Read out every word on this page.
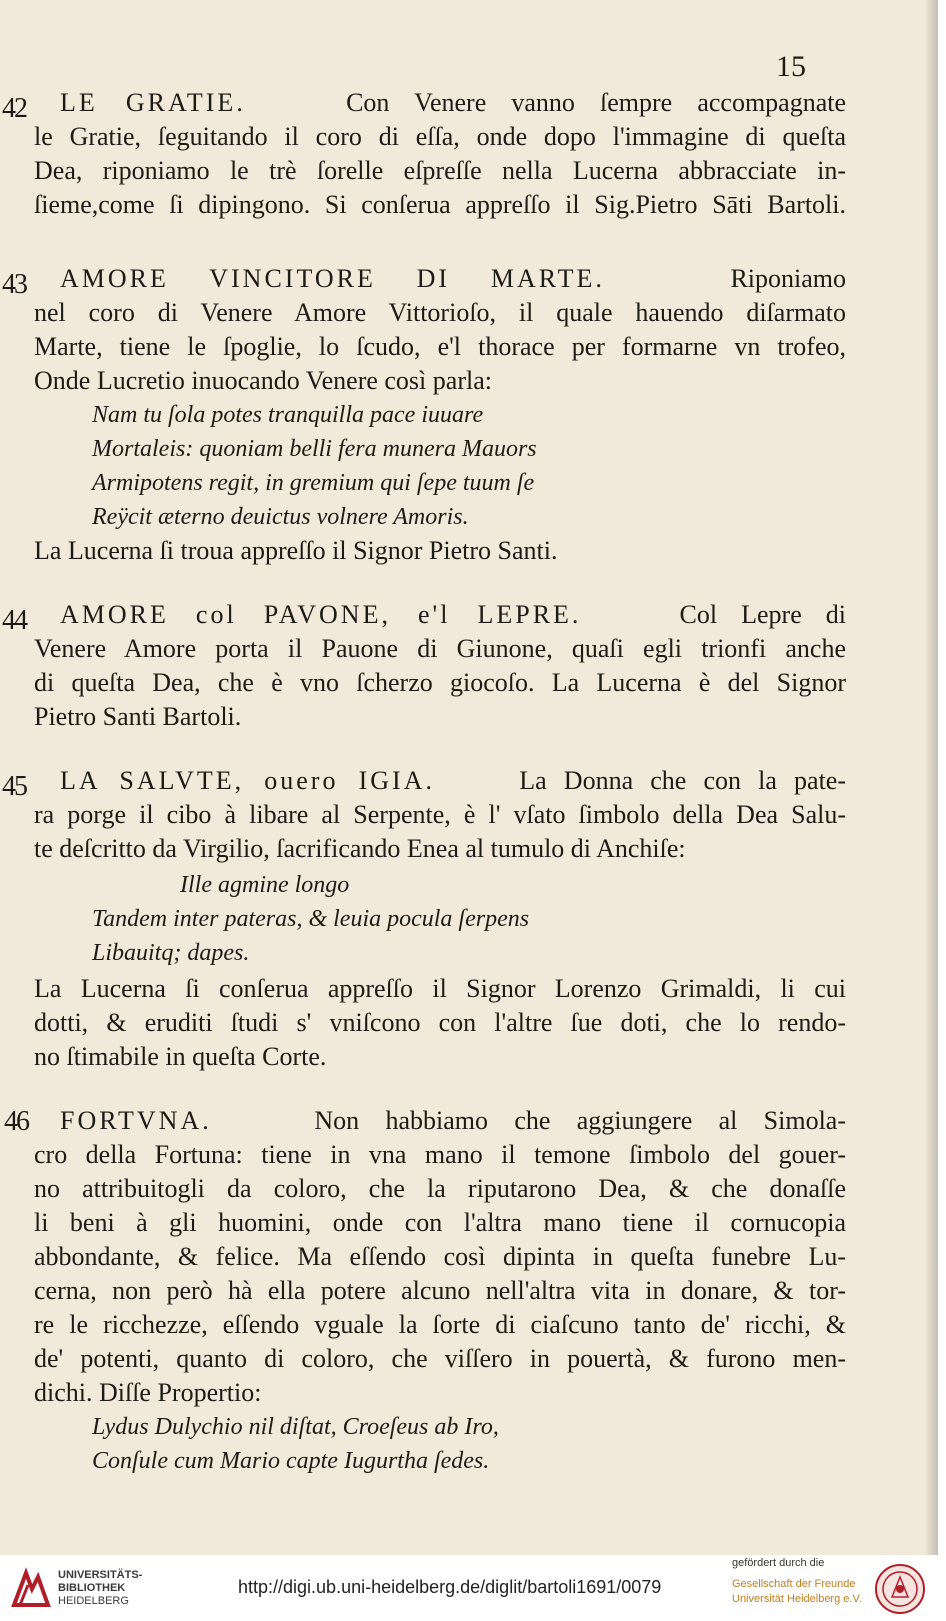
15
42 LE GRATIE.	Con Venere vanno ſempre accompagnate
le Gratie, ſeguitando il coro di eſſa, onde dopo l'immagine di queſta
Dea, riponiamo le trè ſorelle eſpreſſe nella Lucerna abbracciate in-
ſieme,come ſi dipingono. Si conſerua appreſſo il Sig.Pietro Sāti Bartoli.
43 AMORE VINCITORE DI MARTE.	Riponiamo
nel coro di Venere Amore Vittorioſo, il quale hauendo diſarmato
Marte, tiene le ſpoglie, lo ſcudo, e'l thorace per formarne vn trofeo,
Onde Lucretio inuocando Venere così parla:
Nam tu ſola potes tranquilla pace iuuare
Mortaleis: quoniam belli fera munera Mauors
Armipotens regit, in gremium qui ſepe tuum ſe
Reÿcit æterno deuictus volnere Amoris.
La Lucerna ſi troua appreſſo il Signor Pietro Santi.
44 AMORE col PAVONE, e'l LEPRE.	Col Lepre di
Venere Amore porta il Pauone di Giunone, quaſi egli trionfi anche
di queſta Dea, che è vno ſcherzo giocoſo. La Lucerna è del Signor
Pietro Santi Bartoli.
45 LA SALVTE, ouero IGIA.	La Donna che con la pate-
ra porge il cibo à libare al Serpente, è l' vſato ſimbolo della Dea Salu-
te deſcritto da Virgilio, ſacrificando Enea al tumulo di Anchiſe:
Ille agmine longo
Tandem inter pateras, & leuia pocula ſerpens
Libauitq; dapes.
La Lucerna ſi conſerua appreſſo il Signor Lorenzo Grimaldi, li cui
dotti, & eruditi ſtudi s' vniſcono con l'altre ſue doti, che lo rendo-
no ſtimabile in queſta Corte.
46 FORTVNA.	Non habbiamo che aggiungere al Simola-
cro della Fortuna: tiene in vna mano il temone ſimbolo del gouer-
no attribuitogli da coloro, che la riputarono Dea, & che donaſſe
li beni à gli huomini, onde con l'altra mano tiene il cornucopia
abbondante, & felice. Ma eſſendo così dipinta in queſta funebre Lu-
cerna, non però hà ella potere alcuno nell'altra vita in donare, & tor-
re le ricchezze, eſſendo vguale la ſorte di ciaſcuno tanto de' ricchi, &
de' potenti, quanto di coloro, che viſſero in pouertà, & furono men-
dichi. Diſſe Propertio:
Lydus Dulychio nil diſtat, Croeſeus ab Iro,
Conſule cum Mario capte Iugurtha ſedes.
UNIVERSITÄTS-
BIBLIOTHEK
HEIDELBERG
http://digi.ub.uni-heidelberg.de/diglit/bartoli1691/0079
gefördert durch die
Gesellschaft der Freunde
Universität Heidelberg e.V.
